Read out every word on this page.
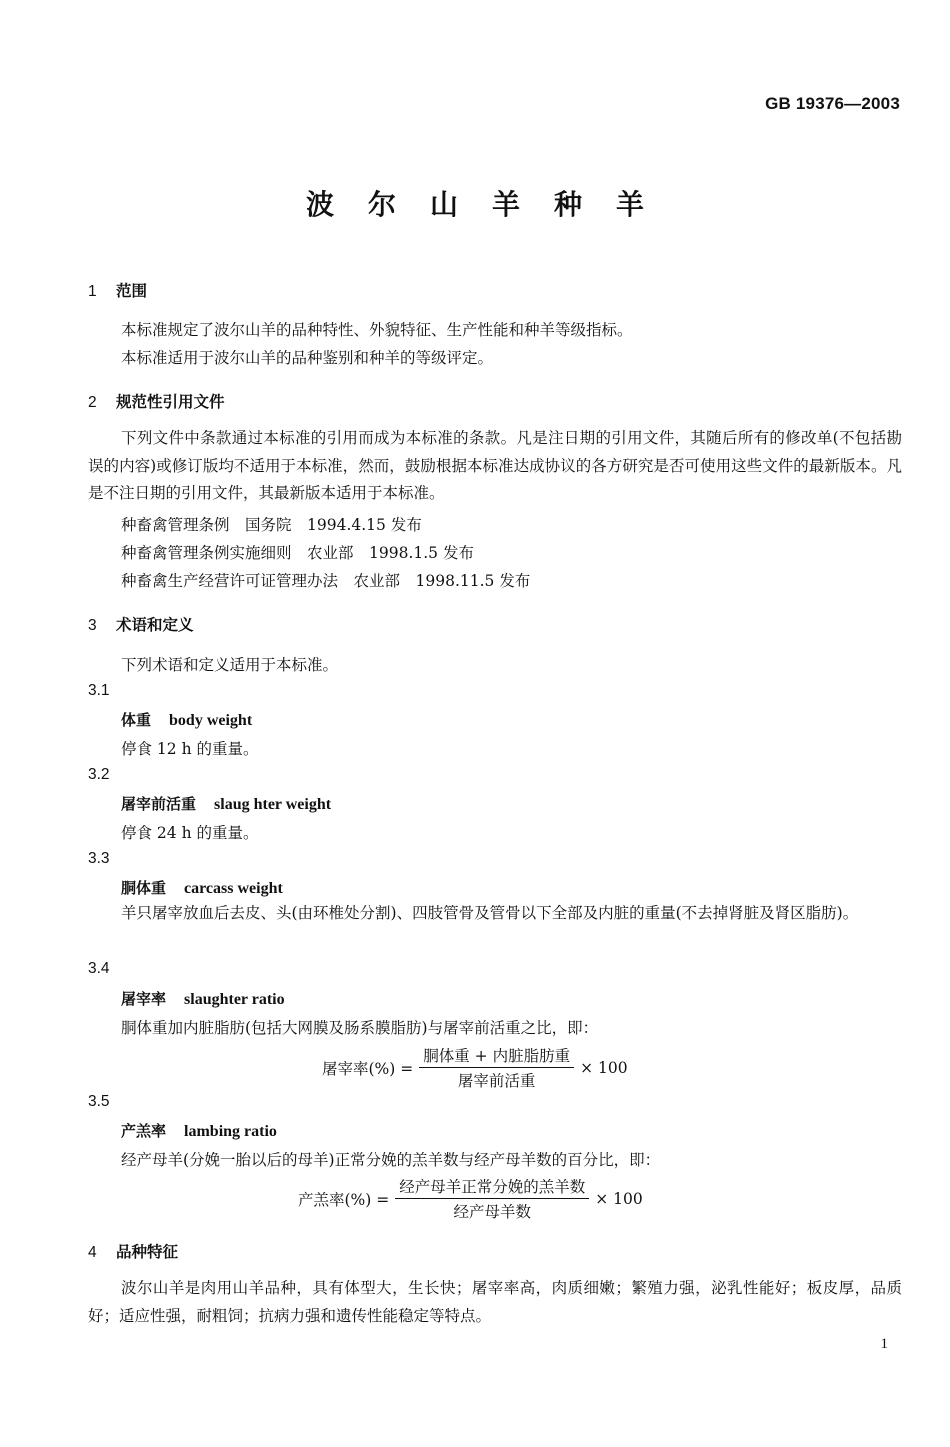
GB 19376—2003
波尔山羊种羊
1 范围
本标准规定了波尔山羊的品种特性、外貌特征、生产性能和种羊等级指标。
本标准适用于波尔山羊的品种鉴别和种羊的等级评定。
2 规范性引用文件
下列文件中条款通过本标准的引用而成为本标准的条款。凡是注日期的引用文件，其随后所有的修改单(不包括勘误的内容)或修订版均不适用于本标准，然而，鼓励根据本标准达成协议的各方研究是否可使用这些文件的最新版本。凡是不注日期的引用文件，其最新版本适用于本标准。
种畜禽管理条例　国务院　1994.4.15 发布
种畜禽管理条例实施细则　农业部　1998.1.5 发布
种畜禽生产经营许可证管理办法　农业部　1998.11.5 发布
3 术语和定义
下列术语和定义适用于本标准。
3.1
体重 body weight
停食 12 h 的重量。
3.2
屠宰前活重 slaug hter weight
停食 24 h 的重量。
3.3
胴体重 carcass weight
羊只屠宰放血后去皮、头(由环椎处分割)、四肢管骨及管骨以下全部及内脏的重量(不去掉肾脏及肾区脂肪)。
3.4
屠宰率 slaughter ratio
胴体重加内脏脂肪(包括大网膜及肠系膜脂肪)与屠宰前活重之比，即：
屠宰率(%) = $\frac{\text{胴体重 + 内脏脂肪重}}{\text{屠宰前活重}} \times 100$
3.5
产羔率 lambing ratio
经产母羊(分娩一胎以后的母羊)正常分娩的羔羊数与经产母羊数的百分比，即：
产羔率(%) = $\frac{\text{经产母羊正常分娩的羔羊数}}{\text{经产母羊数}} \times 100$
4 品种特征
波尔山羊是肉用山羊品种，具有体型大，生长快；屠宰率高，肉质细嫩；繁殖力强，泌乳性能好；板皮厚，品质好；适应性强，耐粗饲；抗病力强和遗传性能稳定等特点。
1
